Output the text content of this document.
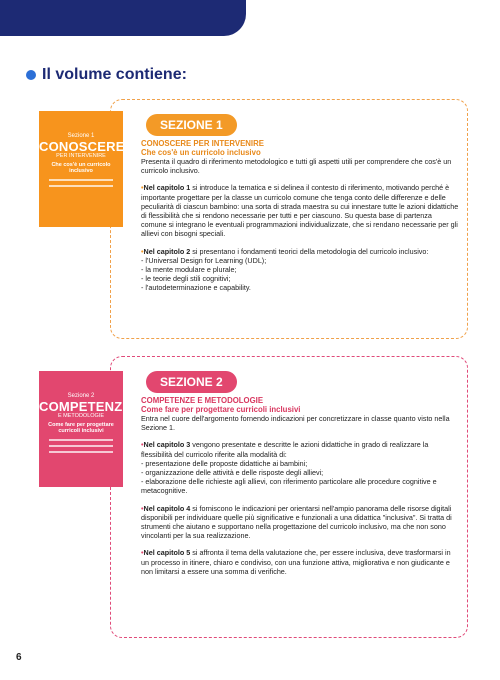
Il volume contiene:
SEZIONE 1
CONOSCERE PER INTERVENIRE
Che cos'è un curricolo inclusivo

Presenta il quadro di riferimento metodologico e tutti gli aspetti utili per comprendere che cos'è un curricolo inclusivo.

•Nel capitolo 1 si introduce la tematica e si delinea il contesto di riferimento, motivando perché è importante progettare per la classe un curricolo comune che tenga conto delle differenze e delle peculiarità di ciascun bambino: una sorta di strada maestra su cui innestare tutte le azioni didattiche di flessibilità che si rendono necessarie per tutti e per ciascuno. Su questa base di partenza comune si integrano le eventuali programmazioni individualizzate, che si rendano necessarie per gli allievi con bisogni speciali.

•Nel capitolo 2 si presentano i fondamenti teorici della metodologia del curricolo inclusivo:

- l'Universal Design for Learning (UDL);
- la mente modulare e plurale;
- le teorie degli stili cognitivi;
- l'autodeterminazione e capability.
Sezione 1
CONOSCERE
PER INTERVENIRE
Che cos'è un curricolo inclusivo
SEZIONE 2
COMPETENZE E METODOLOGIE
Come fare per progettare curricoli inclusivi

Entra nel cuore dell'argomento fornendo indicazioni per concretizzare in classe quanto visto nella Sezione 1.

•Nel capitolo 3 vengono presentate e descritte le azioni didattiche in grado di realizzare la flessibilità del curricolo riferite alla modalità di:

- presentazione delle proposte didattiche ai bambini;
- organizzazione delle attività e delle risposte degli allievi;
- elaborazione delle richieste agli allievi, con riferimento particolare alle procedure cognitive e metacognitive.

•Nel capitolo 4 si forniscono le indicazioni per orientarsi nell'ampio panorama delle risorse digitali disponibili per individuare quelle più significative e funzionali a una didattica "inclusiva". Si tratta di strumenti che aiutano e supportano nella progettazione del curricolo inclusivo, ma che non sono vincolanti per la sua realizzazione.

•Nel capitolo 5 si affronta il tema della valutazione che, per essere inclusiva, deve trasformarsi in un processo in itinere, chiaro e condiviso, con una funzione attiva, migliorativa e non giudicante e non limitarsi a essere una somma di verifiche.

Sezione 2
COMPETENZE
E METODOLOGIE
Come fare per progettare curricoli inclusivi
6
